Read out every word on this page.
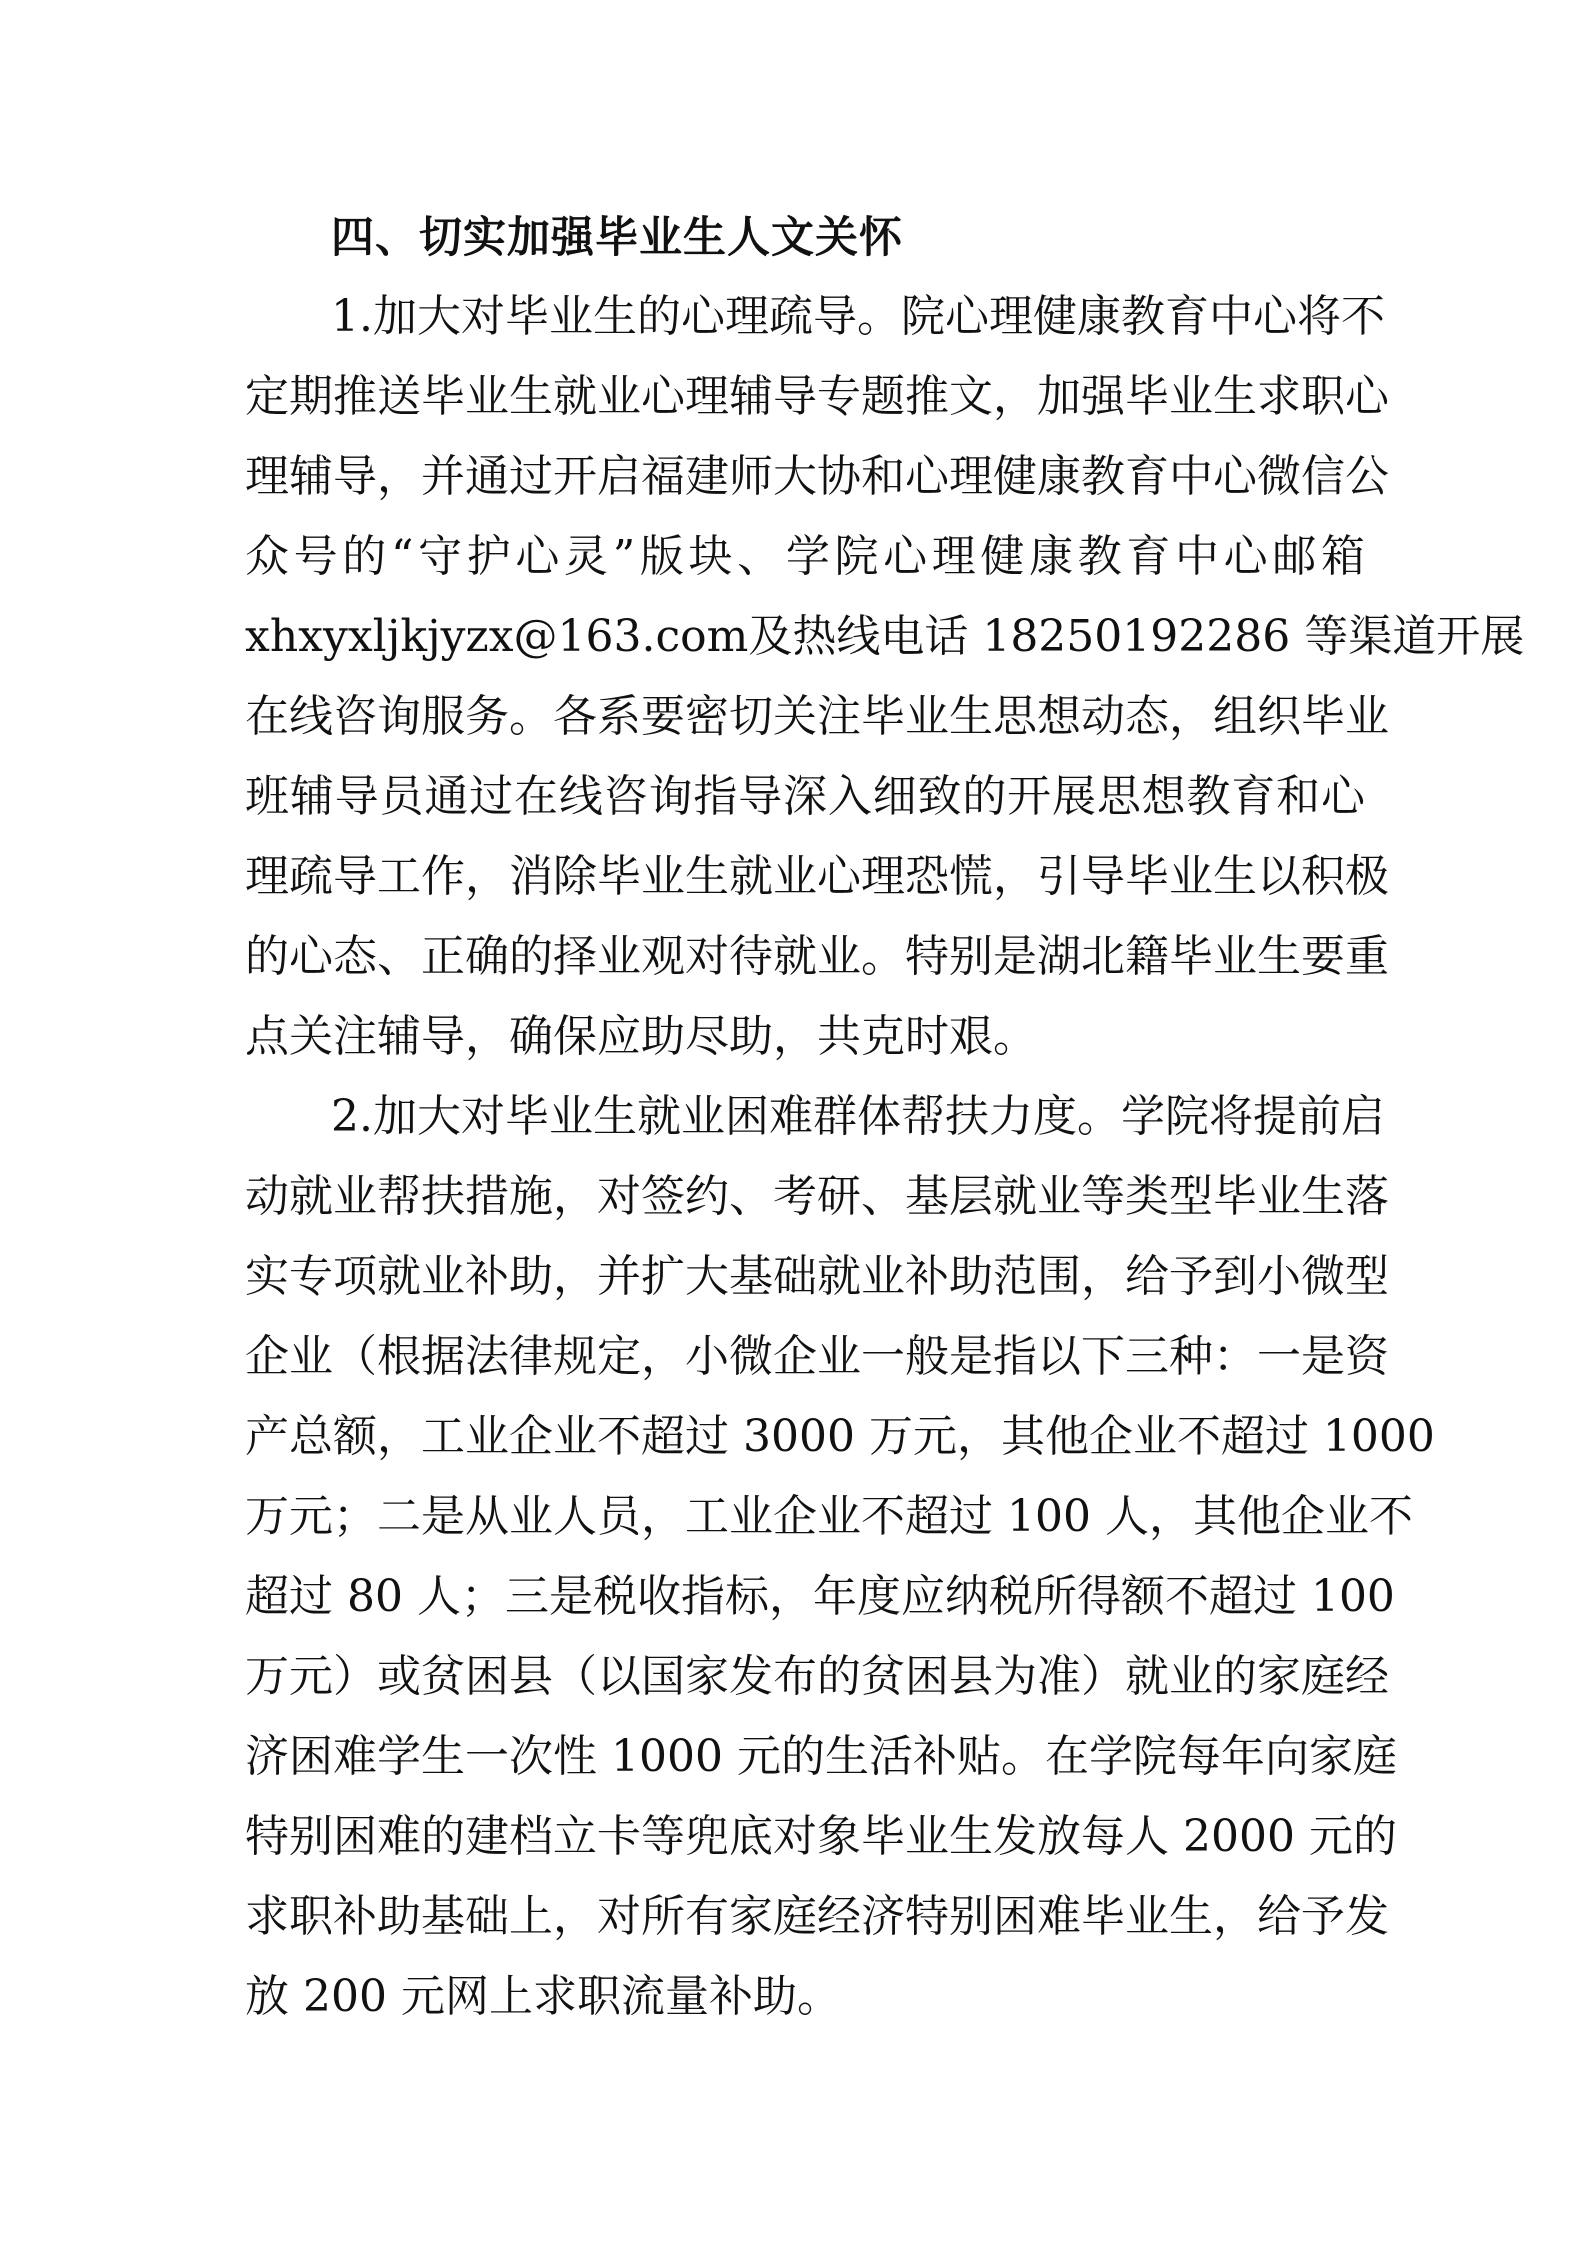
四、切实加强毕业生人文关怀
1.加大对毕业生的心理疏导。院心理健康教育中心将不
定期推送毕业生就业心理辅导专题推文，加强毕业生求职心
理辅导，并通过开启福建师大协和心理健康教育中心微信公
众号的“守护心灵”版块、学院心理健康教育中心邮箱
xhxyxljkjyzx@163.com及热线电话 18250192286 等渠道开展
在线咨询服务。各系要密切关注毕业生思想动态，组织毕业
班辅导员通过在线咨询指导深入细致的开展思想教育和心
理疏导工作，消除毕业生就业心理恐慌，引导毕业生以积极
的心态、正确的择业观对待就业。特别是湖北籍毕业生要重
点关注辅导，确保应助尽助，共克时艰。
2.加大对毕业生就业困难群体帮扶力度。学院将提前启
动就业帮扶措施，对签约、考研、基层就业等类型毕业生落
实专项就业补助，并扩大基础就业补助范围，给予到小微型
企业（根据法律规定，小微企业一般是指以下三种：一是资
产总额，工业企业不超过 3000 万元，其他企业不超过 1000
万元；二是从业人员，工业企业不超过 100 人，其他企业不
超过 80 人；三是税收指标，年度应纳税所得额不超过 100
万元）或贫困县（以国家发布的贫困县为准）就业的家庭经
济困难学生一次性 1000 元的生活补贴。在学院每年向家庭
特别困难的建档立卡等兜底对象毕业生发放每人 2000 元的
求职补助基础上，对所有家庭经济特别困难毕业生，给予发
放 200 元网上求职流量补助。
